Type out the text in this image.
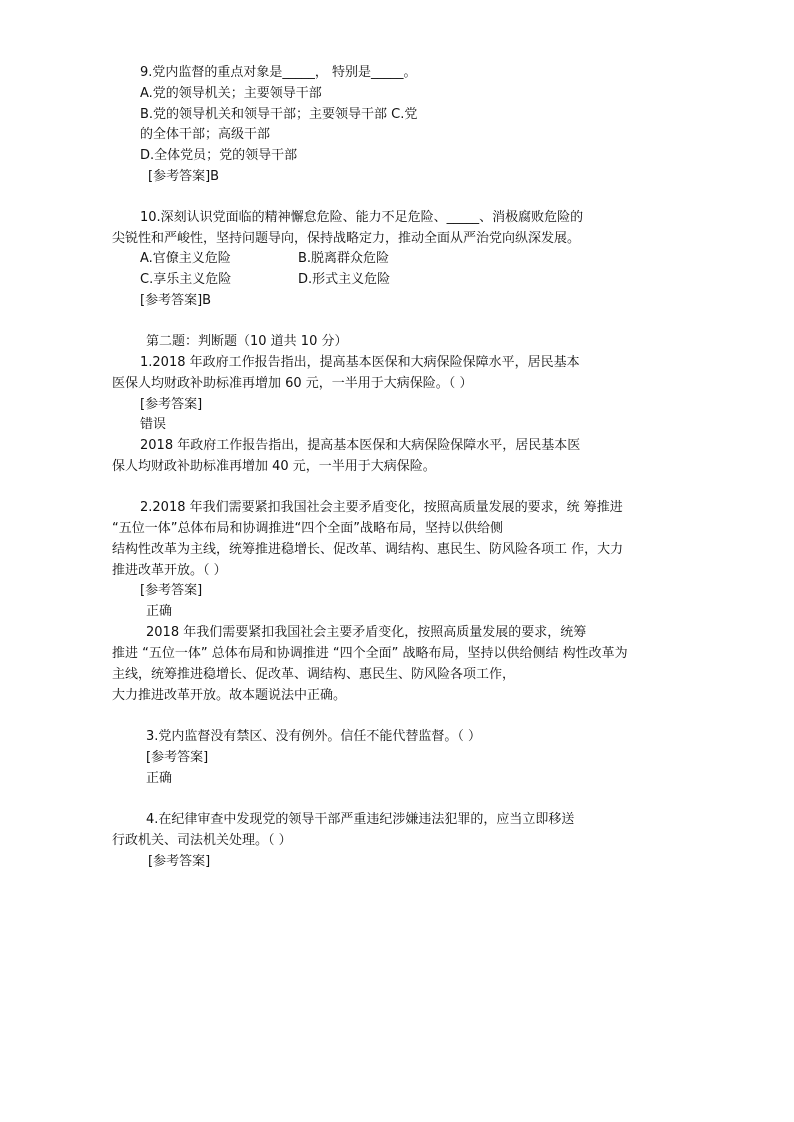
9.党内监督的重点对象是_____， 特别是_____。
A.党的领导机关；主要领导干部
B.党的领导机关和领导干部；主要领导干部 C.党
的全体干部；高级干部
D.全体党员；党的领导干部
[参考答案]B
10.深刻认识党面临的精神懈怠危险、能力不足危险、_____、消极腐败危险的
尖锐性和严峻性，坚持问题导向，保持战略定力，推动全面从严治党向纵深发展。
A.官僚主义危险	B.脱离群众危险
C.享乐主义危险	D.形式主义危险
[参考答案]B
第二题：判断题（10 道共 10 分）
1.2018 年政府工作报告指出，提高基本医保和大病保险保障水平，居民基本
医保人均财政补助标准再增加 60 元，一半用于大病保险。（ ）
[参考答案]
错误
2018 年政府工作报告指出，提高基本医保和大病保险保障水平，居民基本医
保人均财政补助标准再增加 40 元，一半用于大病保险。
2.2018 年我们需要紧扣我国社会主要矛盾变化，按照高质量发展的要求，统 筹推进
“五位一体”总体布局和协调推进“四个全面”战略布局，坚持以供给侧
结构性改革为主线，统筹推进稳增长、促改革、调结构、惠民生、防风险各项工 作，大力
推进改革开放。（ ）
[参考答案]
正确
2018 年我们需要紧扣我国社会主要矛盾变化，按照高质量发展的要求，统筹
推进 “五位一体” 总体布局和协调推进 “四个全面” 战略布局，坚持以供给侧结 构性改革为
主线，统筹推进稳增长、促改革、调结构、惠民生、防风险各项工作，
大力推进改革开放。故本题说法中正确。
3.党内监督没有禁区、没有例外。信任不能代替监督。（ ）
[参考答案]
正确
4.在纪律审查中发现党的领导干部严重违纪涉嫌违法犯罪的，应当立即移送
行政机关、司法机关处理。（ ）
[参考答案]
